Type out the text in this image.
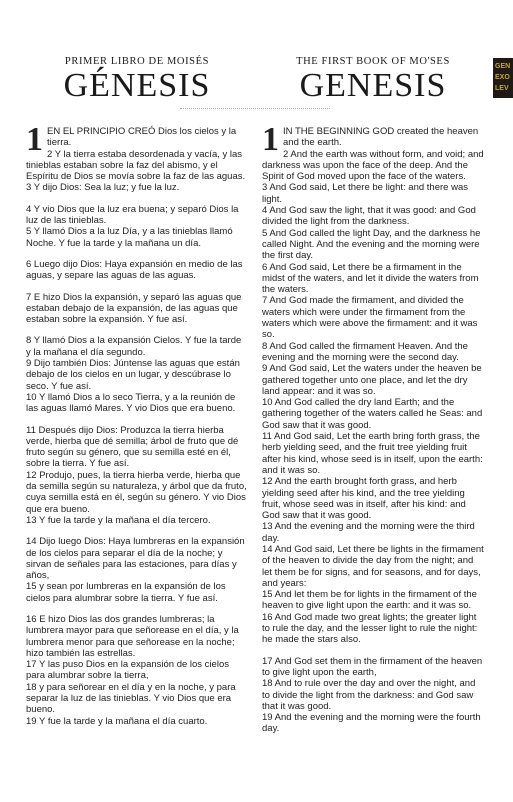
PRIMER LIBRO DE MOISÉS
GÉNESIS
1 EN EL PRINCIPIO CREÓ Dios los cielos y la tierra.

2 Y la tierra estaba desordenada y vacía, y las tinieblas estaban sobre la faz del abismo, y el Espíritu de Dios se movía sobre la faz de las aguas.

3 Y dijo Dios: Sea la luz; y fue la luz.

4 Y vio Dios que la luz era buena; y separó Dios la luz de las tinieblas.

5 Y llamó Dios a la luz Día, y a las tinieblas llamó Noche. Y fue la tarde y la mañana un día.

6 Luego dijo Dios: Haya expansión en medio de las aguas, y separe las aguas de las aguas.

7 E hizo Dios la expansión, y separó las aguas que estaban debajo de la expansión, de las aguas que estaban sobre la expansión. Y fue así.

8 Y llamó Dios a la expansión Cielos. Y fue la tarde y la mañana el día segundo.

9 Dijo también Dios: Júntense las aguas que están debajo de los cielos en un lugar, y descúbrase lo seco. Y fue así.

10 Y llamó Dios a lo seco Tierra, y a la reunión de las aguas llamó Mares. Y vio Dios que era bueno.

11 Después dijo Dios: Produzca la tierra hierba verde, hierba que dé semilla; árbol de fruto que dé fruto según su género, que su semilla esté en él, sobre la tierra. Y fue así.

12 Produjo, pues, la tierra hierba verde, hierba que da semilla según su naturaleza, y árbol que da fruto, cuya semilla está en él, según su género. Y vio Dios que era bueno.

13 Y fue la tarde y la mañana el día tercero.

14 Dijo luego Dios: Haya lumbreras en la expansión de los cielos para separar el día de la noche; y sirvan de señales para las estaciones, para días y años,

15 y sean por lumbreras en la expansión de los cielos para alumbrar sobre la tierra. Y fue así.

16 E hizo Dios las dos grandes lumbreras; la lumbrera mayor para que señorease en el día, y la lumbrera menor para que señorease en la noche; hizo también las estrellas.

17 Y las puso Dios en la expansión de los cielos para alumbrar sobre la tierra,

18 y para señorear en el día y en la noche, y para separar la luz de las tinieblas. Y vio Dios que era bueno.

19 Y fue la tarde y la mañana el día cuarto.

THE FIRST BOOK OF MO'SES
GENESIS
1 IN THE BEGINNING GOD created the heaven and the earth.

2 And the earth was without form, and void; and darkness was upon the face of the deep. And the Spirit of God moved upon the face of the waters.

3 And God said, Let there be light: and there was light.

4 And God saw the light, that it was good: and God divided the light from the darkness.

5 And God called the light Day, and the darkness he called Night. And the evening and the morning were the first day.

6 And God said, Let there be a firmament in the midst of the waters, and let it divide the waters from the waters.

7 And God made the firmament, and divided the waters which were under the firmament from the waters which were above the firmament: and it was so.

8 And God called the firmament Heaven. And the evening and the morning were the second day.

9 And God said, Let the waters under the heaven be gathered together unto one place, and let the dry land appear: and it was so.

10 And God called the dry land Earth; and the gathering together of the waters called he Seas: and God saw that it was good.

11 And God said, Let the earth bring forth grass, the herb yielding seed, and the fruit tree yielding fruit after his kind, whose seed is in itself, upon the earth: and it was so.

12 And the earth brought forth grass, and herb yielding seed after his kind, and the tree yielding fruit, whose seed was in itself, after his kind: and God saw that it was good.

13 And the evening and the morning were the third day.

14 And God said, Let there be lights in the firmament of the heaven to divide the day from the night; and let them be for signs, and for seasons, and for days, and years:

15 And let them be for lights in the firmament of the heaven to give light upon the earth: and it was so.

16 And God made two great lights; the greater light to rule the day, and the lesser light to rule the night: he made the stars also.

17 And God set them in the firmament of the heaven to give light upon the earth,

18 And to rule over the day and over the night, and to divide the light from the darkness: and God saw that it was good.

19 And the evening and the morning were the fourth day.

GEN
EXO
LEV
